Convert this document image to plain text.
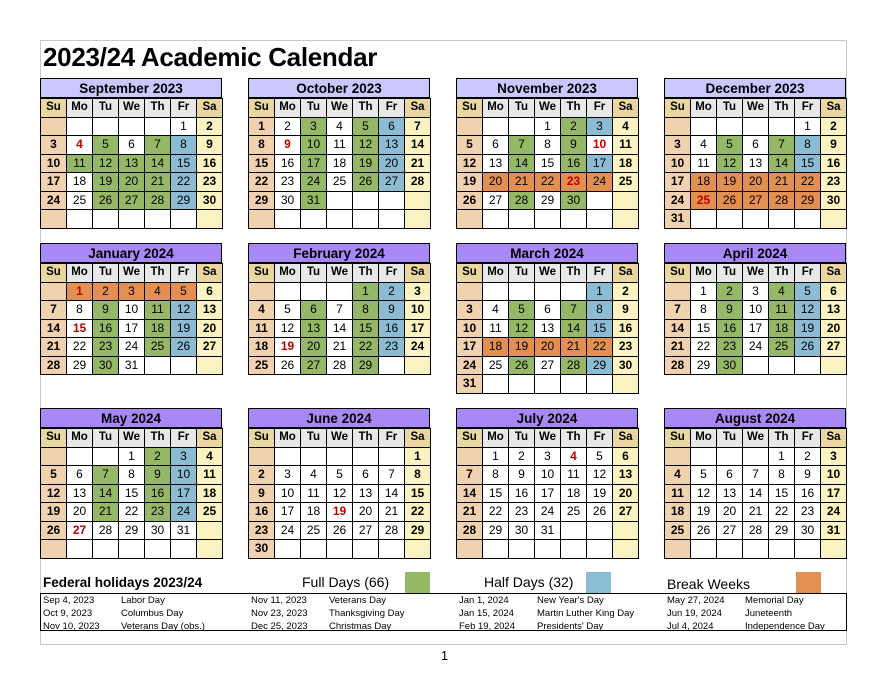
2023/24 Academic Calendar
September 2023
Su	Mo	Tu	We	Th	Fr	Sa
					1	2
3	4	5	6	7	8	9
10	11	12	13	14	15	16
17	18	19	20	21	22	23
24	25	26	27	28	29	30

October 2023
Su	Mo	Tu	We	Th	Fr	Sa
1	2	3	4	5	6	7
8	9	10	11	12	13	14
15	16	17	18	19	20	21
22	23	24	25	26	27	28
29	30	31				

November 2023
Su	Mo	Tu	We	Th	Fr	Sa
			1	2	3	4
5	6	7	8	9	10	11
12	13	14	15	16	17	18
19	20	21	22	23	24	25
26	27	28	29	30		

December 2023
Su	Mo	Tu	We	Th	Fr	Sa
					1	2
3	4	5	6	7	8	9
10	11	12	13	14	15	16
17	18	19	20	21	22	23
24	25	26	27	28	29	30
31						
January 2024
Su	Mo	Tu	We	Th	Fr	Sa
	1	2	3	4	5	6
7	8	9	10	11	12	13
14	15	16	17	18	19	20
21	22	23	24	25	26	27
28	29	30	31			
February 2024
Su	Mo	Tu	We	Th	Fr	Sa
				1	2	3
4	5	6	7	8	9	10
11	12	13	14	15	16	17
18	19	20	21	22	23	24
25	26	27	28	29		
March 2024
Su	Mo	Tu	We	Th	Fr	Sa
					1	2
3	4	5	6	7	8	9
10	11	12	13	14	15	16
17	18	19	20	21	22	23
24	25	26	27	28	29	30
31						
April 2024
Su	Mo	Tu	We	Th	Fr	Sa
	1	2	3	4	5	6
7	8	9	10	11	12	13
14	15	16	17	18	19	20
21	22	23	24	25	26	27
28	29	30				
May 2024
Su	Mo	Tu	We	Th	Fr	Sa
			1	2	3	4
5	6	7	8	9	10	11
12	13	14	15	16	17	18
19	20	21	22	23	24	25
26	27	28	29	30	31	

June 2024
Su	Mo	Tu	We	Th	Fr	Sa
						1
2	3	4	5	6	7	8
9	10	11	12	13	14	15
16	17	18	19	20	21	22
23	24	25	26	27	28	29
30						
July 2024
Su	Mo	Tu	We	Th	Fr	Sa
	1	2	3	4	5	6
7	8	9	10	11	12	13
14	15	16	17	18	19	20
21	22	23	24	25	26	27
28	29	30	31			

August 2024
Su	Mo	Tu	We	Th	Fr	Sa
				1	2	3
4	5	6	7	8	9	10
11	12	13	14	15	16	17
18	19	20	21	22	23	24
25	26	27	28	29	30	31

Federal holidays 2023/24	Full Days (66)	Half Days (32)	Break Weeks
Sep 4, 2023	Labor Day
Oct 9, 2023	Columbus Day
Nov 10, 2023 Veterans Day (obs.)
Nov 11, 2023 Veterans Day
Nov 23, 2023 Thanksgiving Day
Dec 25, 2023 Christmas Day
Jan 1, 2024	New Year's Day
Jan 15, 2024 Martin Luther King Day
Feb 19, 2024 Presidents' Day
May 27, 2024 Memorial Day
Jun 19, 2024 Juneteenth
Jul 4, 2024	Independence Day
1
